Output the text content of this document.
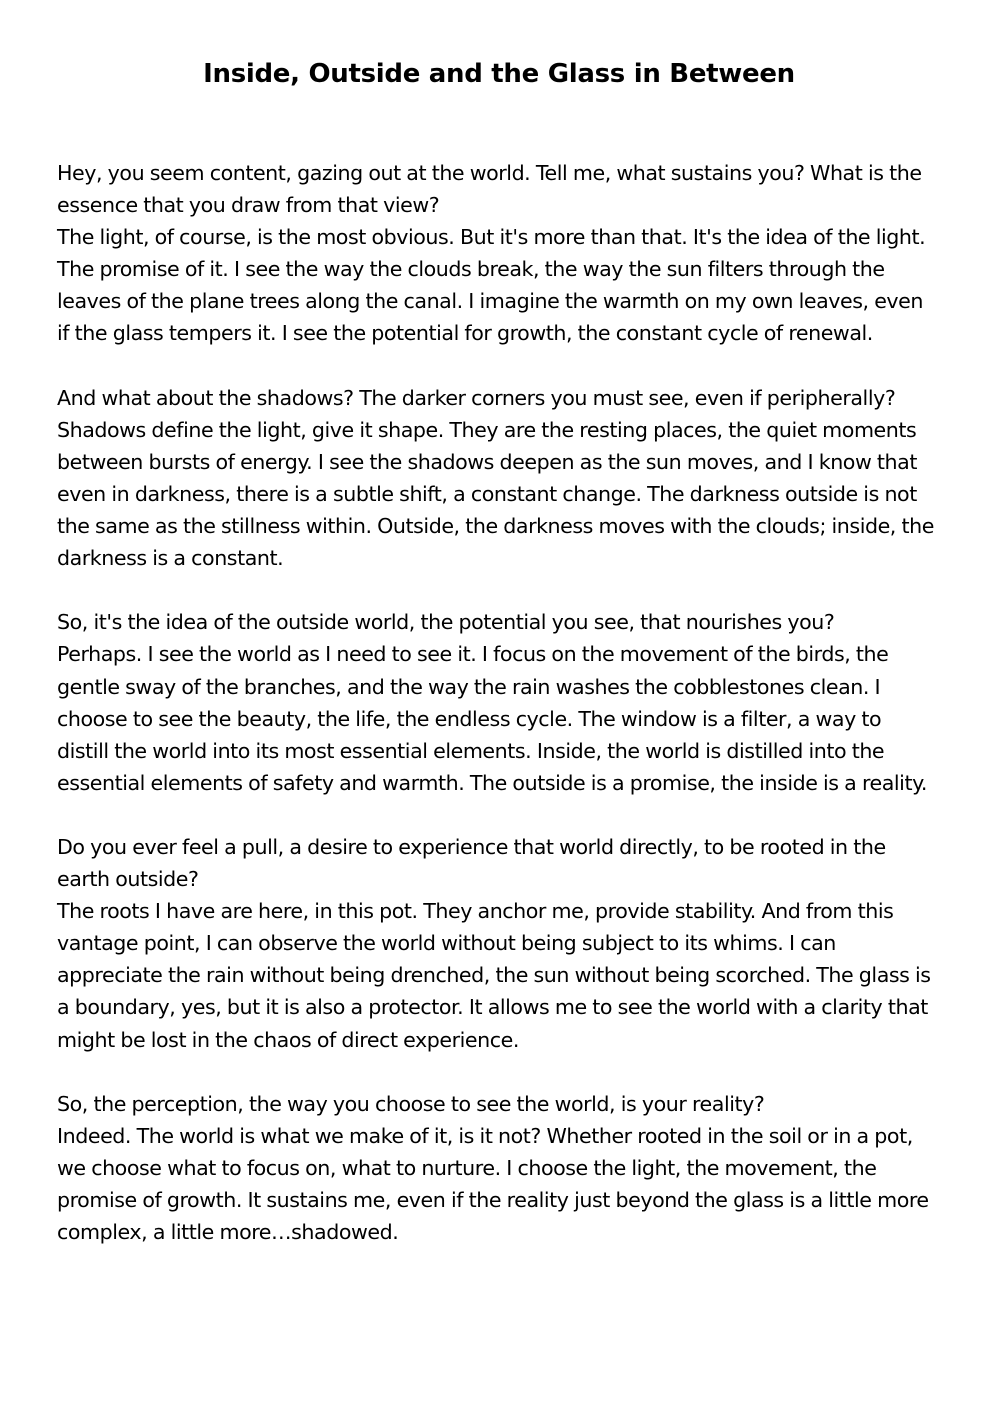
Inside, Outside and the Glass in Between

Hey, you seem content, gazing out at the world. Tell me, what sustains you? What is the essence that you draw from that view?

The light, of course, is the most obvious. But it's more than that. It's the idea of the light. The promise of it. I see the way the clouds break, the way the sun filters through the leaves of the plane trees along the canal. I imagine the warmth on my own leaves, even if the glass tempers it. I see the potential for growth, the constant cycle of renewal.

And what about the shadows? The darker corners you must see, even if peripherally?

Shadows define the light, give it shape. They are the resting places, the quiet moments between bursts of energy. I see the shadows deepen as the sun moves, and I know that even in darkness, there is a subtle shift, a constant change. The darkness outside is not the same as the stillness within. Outside, the darkness moves with the clouds; inside, the darkness is a constant.

So, it's the idea of the outside world, the potential you see, that nourishes you?

Perhaps. I see the world as I need to see it. I focus on the movement of the birds, the gentle sway of the branches, and the way the rain washes the cobblestones clean. I choose to see the beauty, the life, the endless cycle. The window is a filter, a way to distill the world into its most essential elements. Inside, the world is distilled into the essential elements of safety and warmth. The outside is a promise, the inside is a reality.

Do you ever feel a pull, a desire to experience that world directly, to be rooted in the earth outside?

The roots I have are here, in this pot. They anchor me, provide stability. And from this vantage point, I can observe the world without being subject to its whims. I can appreciate the rain without being drenched, the sun without being scorched. The glass is a boundary, yes, but it is also a protector. It allows me to see the world with a clarity that might be lost in the chaos of direct experience.

So, the perception, the way you choose to see the world, is your reality?

Indeed. The world is what we make of it, is it not? Whether rooted in the soil or in a pot, we choose what to focus on, what to nurture. I choose the light, the movement, the promise of growth. It sustains me, even if the reality just beyond the glass is a little more complex, a little more…shadowed.
